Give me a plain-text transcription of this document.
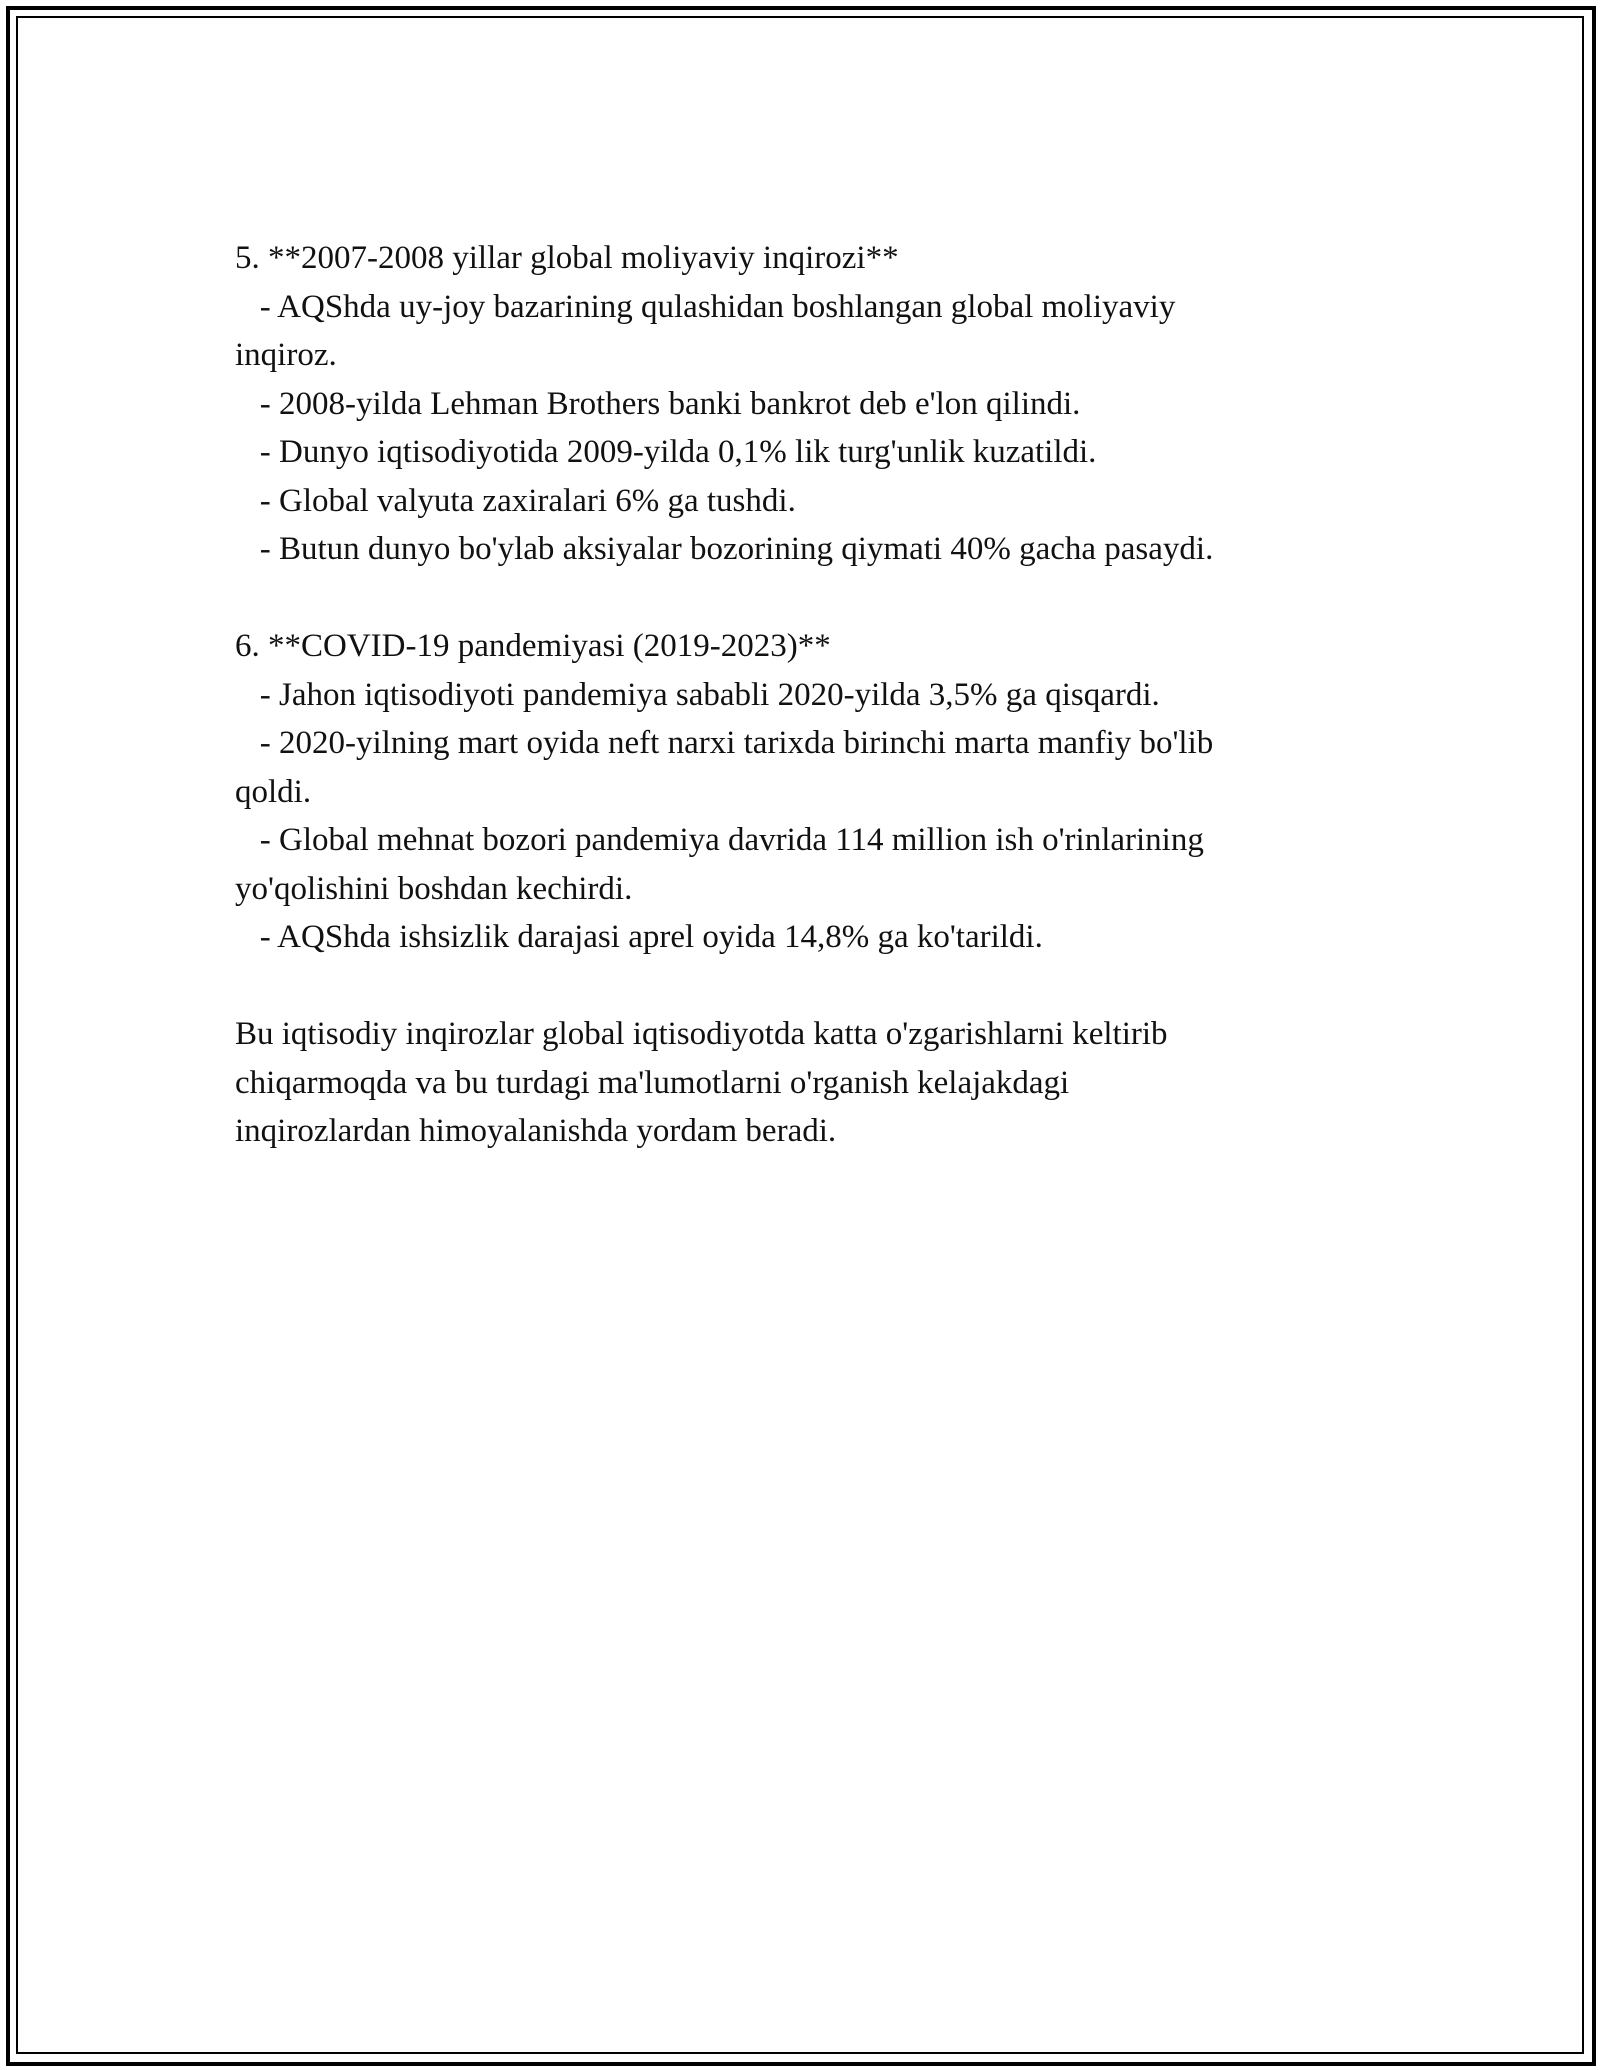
5. **2007-2008 yillar global moliyaviy inqirozi**
- AQShda uy-joy bazarining qulashidan boshlangan global moliyaviy
inqiroz.
- 2008-yilda Lehman Brothers banki bankrot deb e'lon qilindi.
- Dunyo iqtisodiyotida 2009-yilda 0,1% lik turg'unlik kuzatildi.
- Global valyuta zaxiralari 6% ga tushdi.
- Butun dunyo bo'ylab aksiyalar bozorining qiymati 40% gacha pasaydi.
6. **COVID-19 pandemiyasi (2019-2023)**
- Jahon iqtisodiyoti pandemiya sababli 2020-yilda 3,5% ga qisqardi.
- 2020-yilning mart oyida neft narxi tarixda birinchi marta manfiy bo'lib
qoldi.
- Global mehnat bozori pandemiya davrida 114 million ish o'rinlarining
yo'qolishini boshdan kechirdi.
- AQShda ishsizlik darajasi aprel oyida 14,8% ga ko'tarildi.
Bu iqtisodiy inqirozlar global iqtisodiyotda katta o'zgarishlarni keltirib
chiqarmoqda va bu turdagi ma'lumotlarni o'rganish kelajakdagi
inqirozlardan himoyalanishda yordam beradi.
